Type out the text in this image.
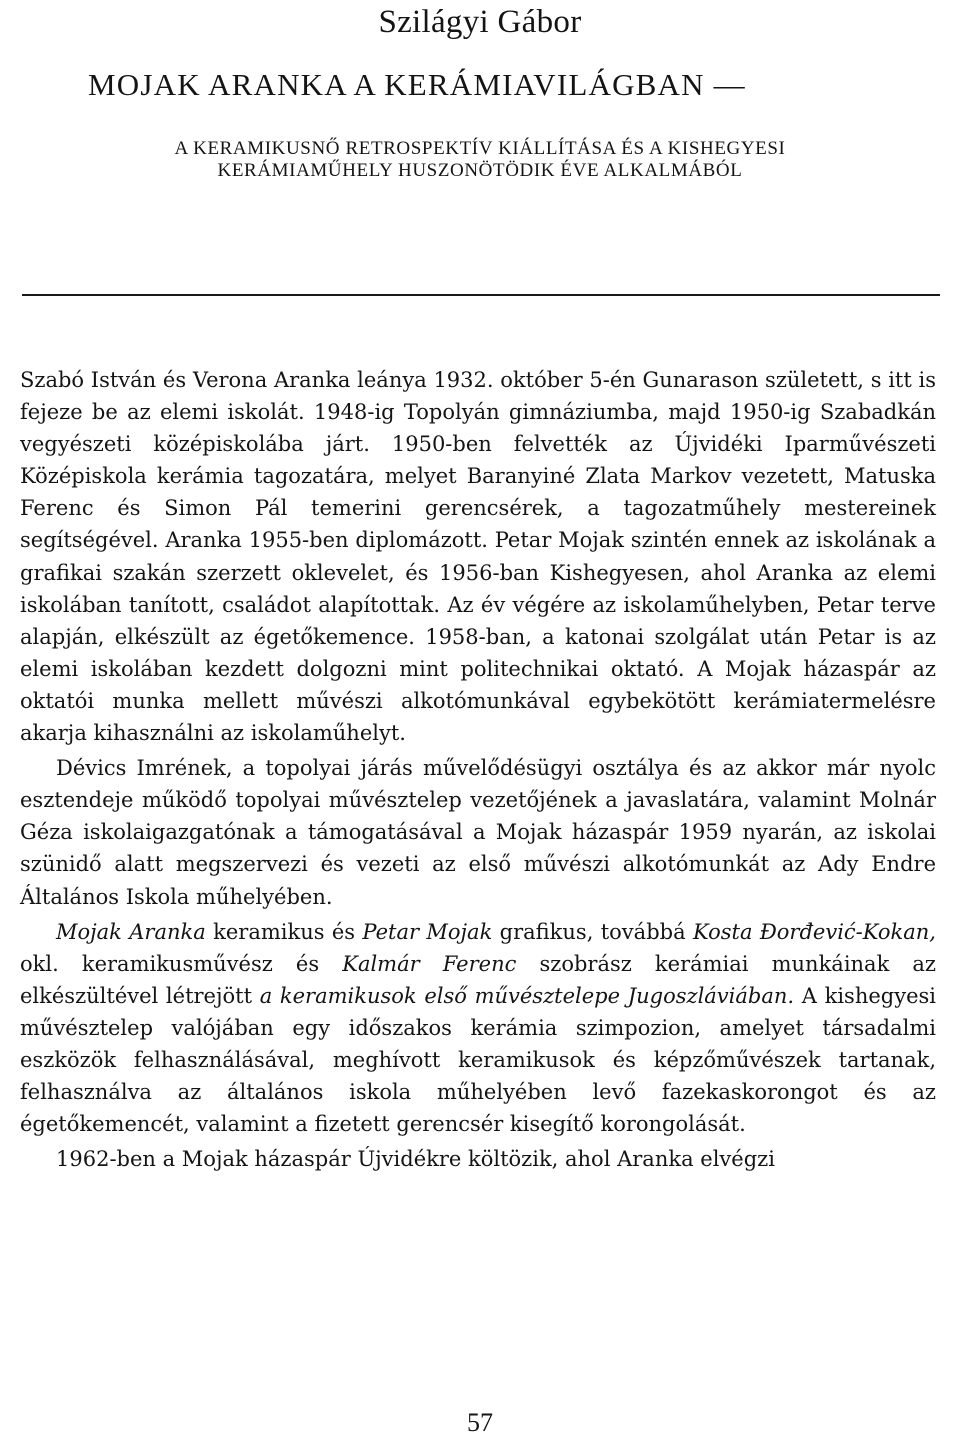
Szilágyi Gábor
MOJAK ARANKA A KERÁMIAVILÁGBAN —
A KERAMIKUSNŐ RETROSPEKTÍV KIÁLLÍTÁSA ÉS A KISHEGYESI
KERÁMIAMŰHELY HUSZONÖTÖDIK ÉVE ALKALMÁBÓL

Szabó István és Verona Aranka leánya 1932. október 5-én Gunarason született, s itt is fejeze be az elemi iskolát. 1948-ig Topolyán gimnáziumba, majd 1950-ig Szabadkán vegyészeti középiskolába járt. 1950-ben felvették az Újvidéki Iparművészeti Középiskola kerámia tagozatára, melyet Baranyiné Zlata Markov vezetett, Matuska Ferenc és Simon Pál temerini gerencsérek, a tagozatműhely mestereinek segítségével. Aranka 1955-ben diplomázott. Petar Mojak szintén ennek az iskolának a grafikai szakán szerzett oklevelet, és 1956-ban Kishegyesen, ahol Aranka az elemi iskolában tanított, családot alapítottak. Az év végére az iskolaműhelyben, Petar terve alapján, elkészült az égetőkemence. 1958-ban, a katonai szolgálat után Petar is az elemi iskolában kezdett dolgozni mint politechnikai oktató. A Mojak házaspár az oktatói munka mellett művészi alkotómunkával egybekötött kerámiatermelésre akarja kihasználni az iskolaműhelyt.

Dévics Imrének, a topolyai járás művelődésügyi osztálya és az akkor már nyolc esztendeje működő topolyai művésztelep vezetőjének a javaslatára, valamint Molnár Géza iskolaigazgatónak a támogatásával a Mojak házaspár 1959 nyarán, az iskolai szünidő alatt megszervezi és vezeti az első művészi alkotómunkát az Ady Endre Általános Iskola műhelyében.

Mojak Aranka keramikus és Petar Mojak grafikus, továbbá Kosta Đorđević-Kokan, okl. keramikusművész és Kalmár Ferenc szobrász kerámiai munkáinak az elkészültével létrejött a keramikusok első művésztelepe Jugoszláviában. A kishegyesi művésztelep valójában egy időszakos kerámia szimpozion, amelyet társadalmi eszközök felhasználásával, meghívott keramikusok és képzőművészek tartanak, felhasználva az általános iskola műhelyében levő fazekaskorongot és az égetőkemencét, valamint a fizetett gerencsér kisegítő korongolását.

1962-ben a Mojak házaspár Újvidékre költözik, ahol Aranka elvégzi

57
